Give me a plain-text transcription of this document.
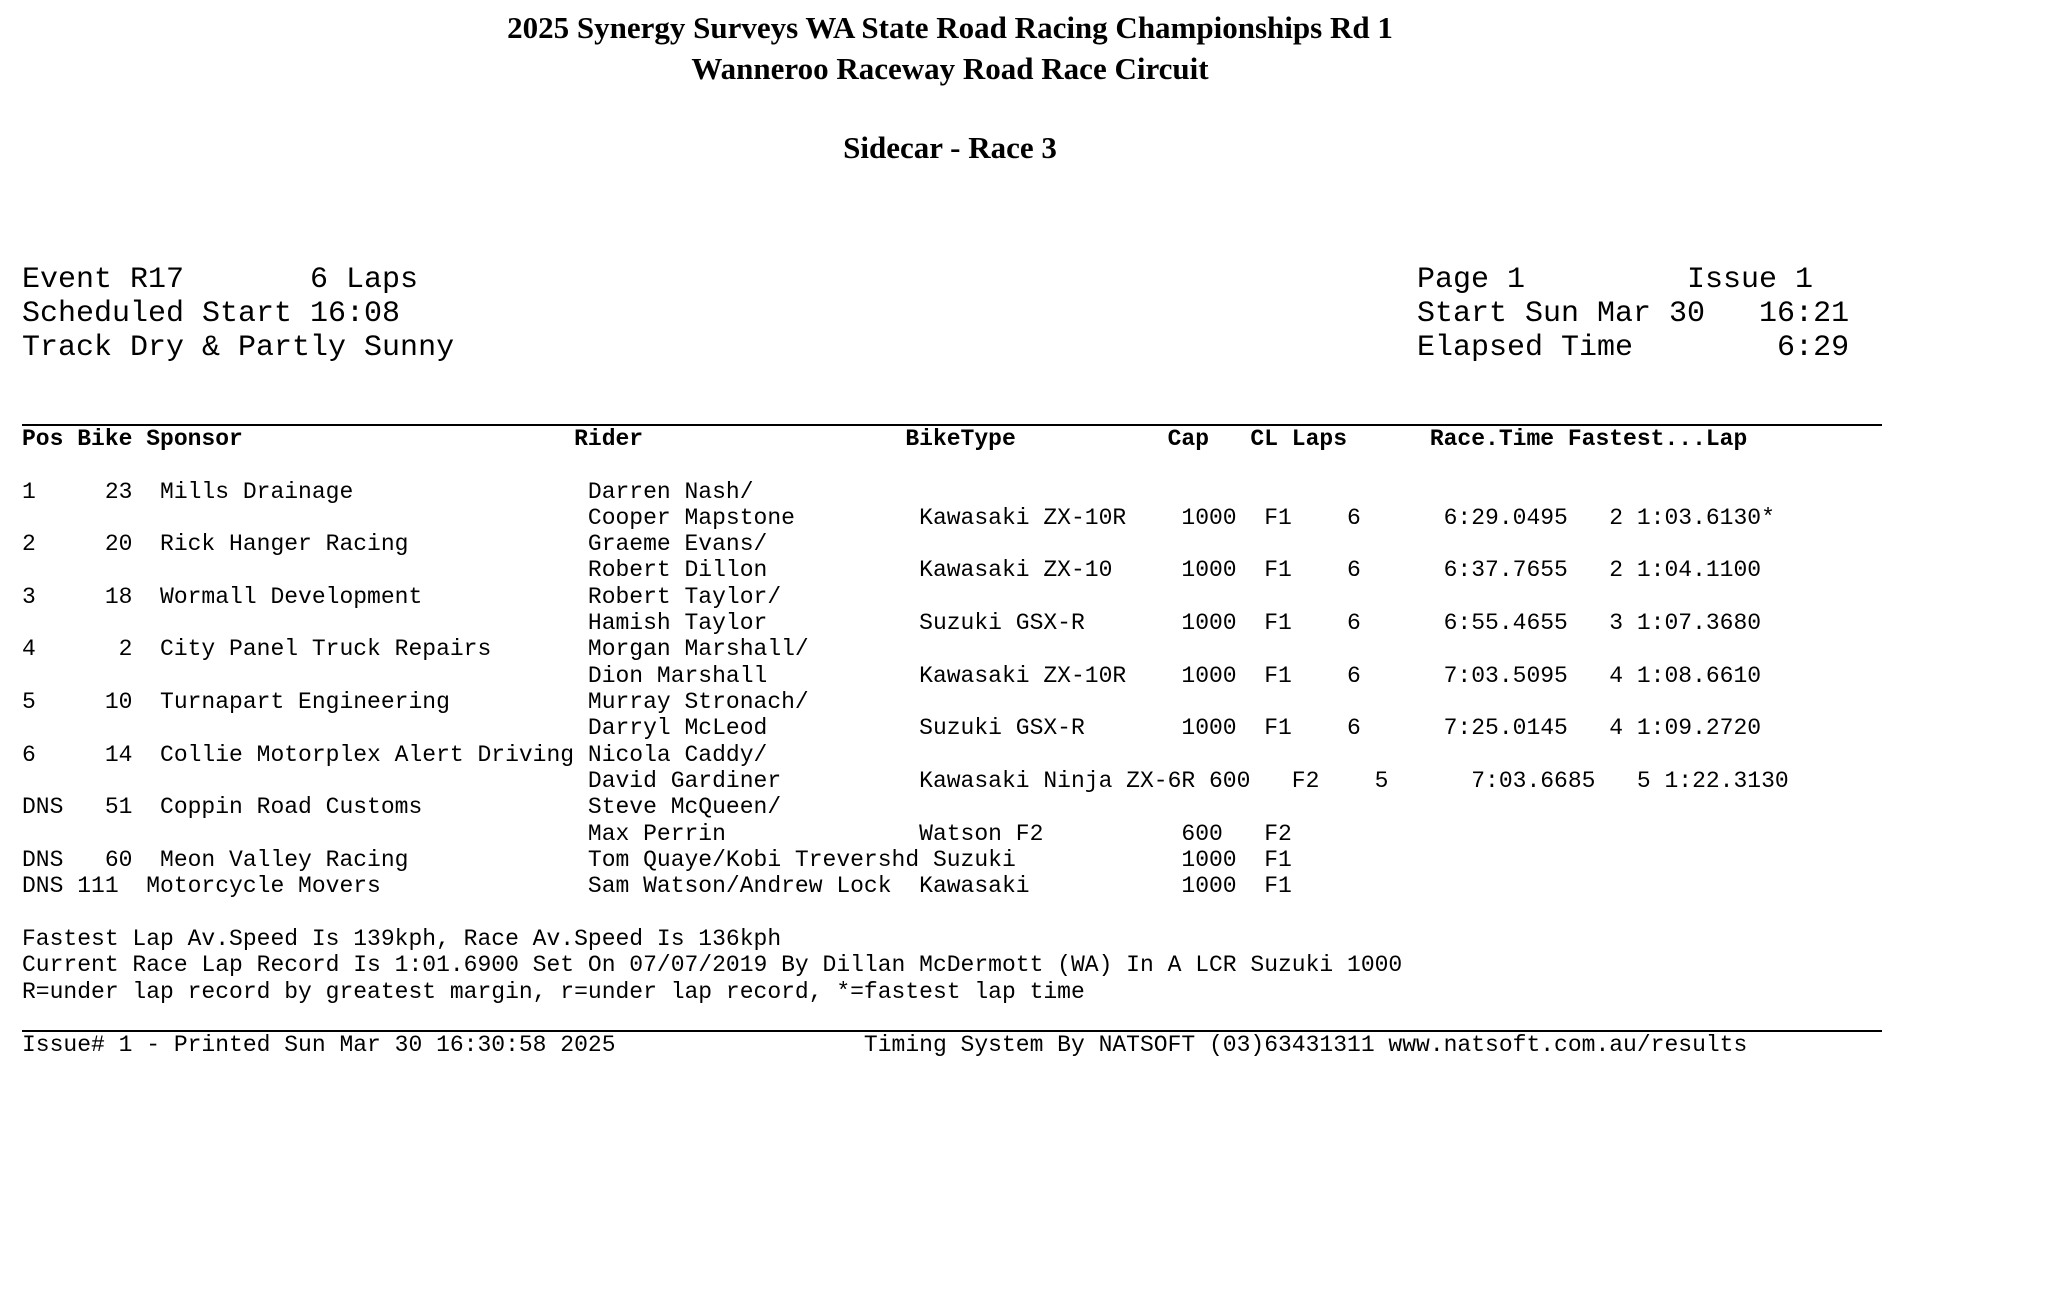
2025 Synergy Surveys WA State Road Racing Championships Rd 1
Wanneroo Raceway Road Race Circuit
Sidecar - Race 3
Event R17       6 Laps
Scheduled Start 16:08
Track Dry & Partly Sunny
Page 1         Issue 1
Start Sun Mar 30   16:21
Elapsed Time        6:29
Pos Bike Sponsor                        Rider                   BikeType           Cap   CL Laps      Race.Time Fastest...Lap
1     23  Mills Drainage                 Darren Nash/
Cooper Mapstone         Kawasaki ZX-10R    1000  F1    6      6:29.0495   2 1:03.6130*
2     20  Rick Hanger Racing             Graeme Evans/
Robert Dillon           Kawasaki ZX-10     1000  F1    6      6:37.7655   2 1:04.1100
3     18  Wormall Development            Robert Taylor/
Hamish Taylor           Suzuki GSX-R       1000  F1    6      6:55.4655   3 1:07.3680
4      2  City Panel Truck Repairs       Morgan Marshall/
Dion Marshall           Kawasaki ZX-10R    1000  F1    6      7:03.5095   4 1:08.6610
5     10  Turnapart Engineering          Murray Stronach/
Darryl McLeod           Suzuki GSX-R       1000  F1    6      7:25.0145   4 1:09.2720
6     14  Collie Motorplex Alert Driving Nicola Caddy/
David Gardiner          Kawasaki Ninja ZX-6R 600   F2    5      7:03.6685   5 1:22.3130
DNS   51  Coppin Road Customs            Steve McQueen/
Max Perrin              Watson F2          600   F2
DNS   60  Meon Valley Racing             Tom Quaye/Kobi Trevershd Suzuki            1000  F1
DNS 111  Motorcycle Movers               Sam Watson/Andrew Lock  Kawasaki           1000  F1
Fastest Lap Av.Speed Is 139kph, Race Av.Speed Is 136kph
Current Race Lap Record Is 1:01.6900 Set On 07/07/2019 By Dillan McDermott (WA) In A LCR Suzuki 1000
R=under lap record by greatest margin, r=under lap record, *=fastest lap time
Issue# 1 - Printed Sun Mar 30 16:30:58 2025                  Timing System By NATSOFT (03)63431311 www.natsoft.com.au/results
